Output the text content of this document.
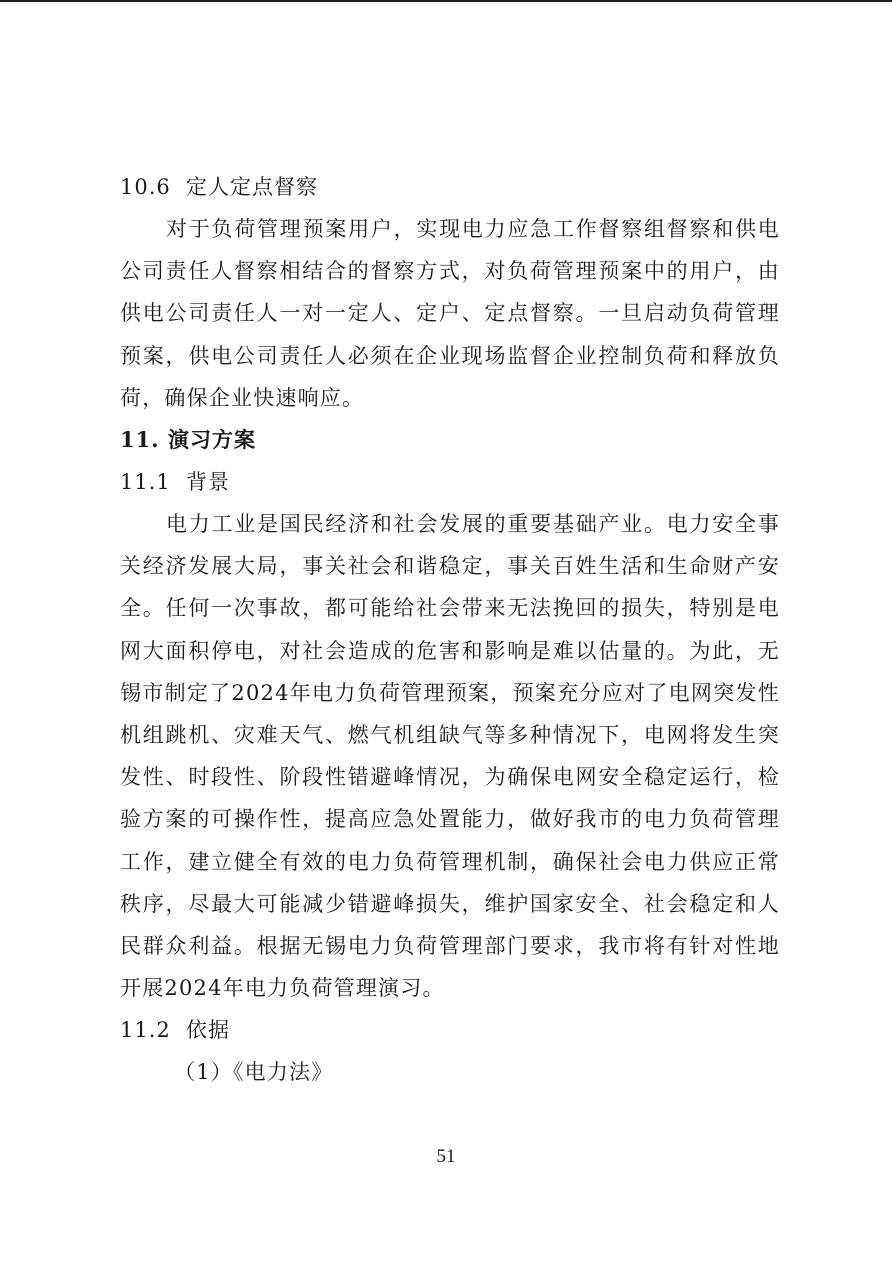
10.6 定人定点督察

对于负荷管理预案用户，实现电力应急工作督察组督察和供电公司责任人督察相结合的督察方式，对负荷管理预案中的用户，由供电公司责任人一对一定人、定户、定点督察。一旦启动负荷管理预案，供电公司责任人必须在企业现场监督企业控制负荷和释放负荷，确保企业快速响应。

11. 演习方案
11.1 背景

电力工业是国民经济和社会发展的重要基础产业。电力安全事关经济发展大局，事关社会和谐稳定，事关百姓生活和生命财产安全。任何一次事故，都可能给社会带来无法挽回的损失，特别是电网大面积停电，对社会造成的危害和影响是难以估量的。为此，无锡市制定了2024年电力负荷管理预案，预案充分应对了电网突发性机组跳机、灾难天气、燃气机组缺气等多种情况下，电网将发生突发性、时段性、阶段性错避峰情况，为确保电网安全稳定运行，检验方案的可操作性，提高应急处置能力，做好我市的电力负荷管理工作，建立健全有效的电力负荷管理机制，确保社会电力供应正常秩序，尽最大可能减少错避峰损失，维护国家安全、社会稳定和人民群众利益。根据无锡电力负荷管理部门要求，我市将有针对性地开展2024年电力负荷管理演习。

11.2 依据
（1）《电力法》
51
